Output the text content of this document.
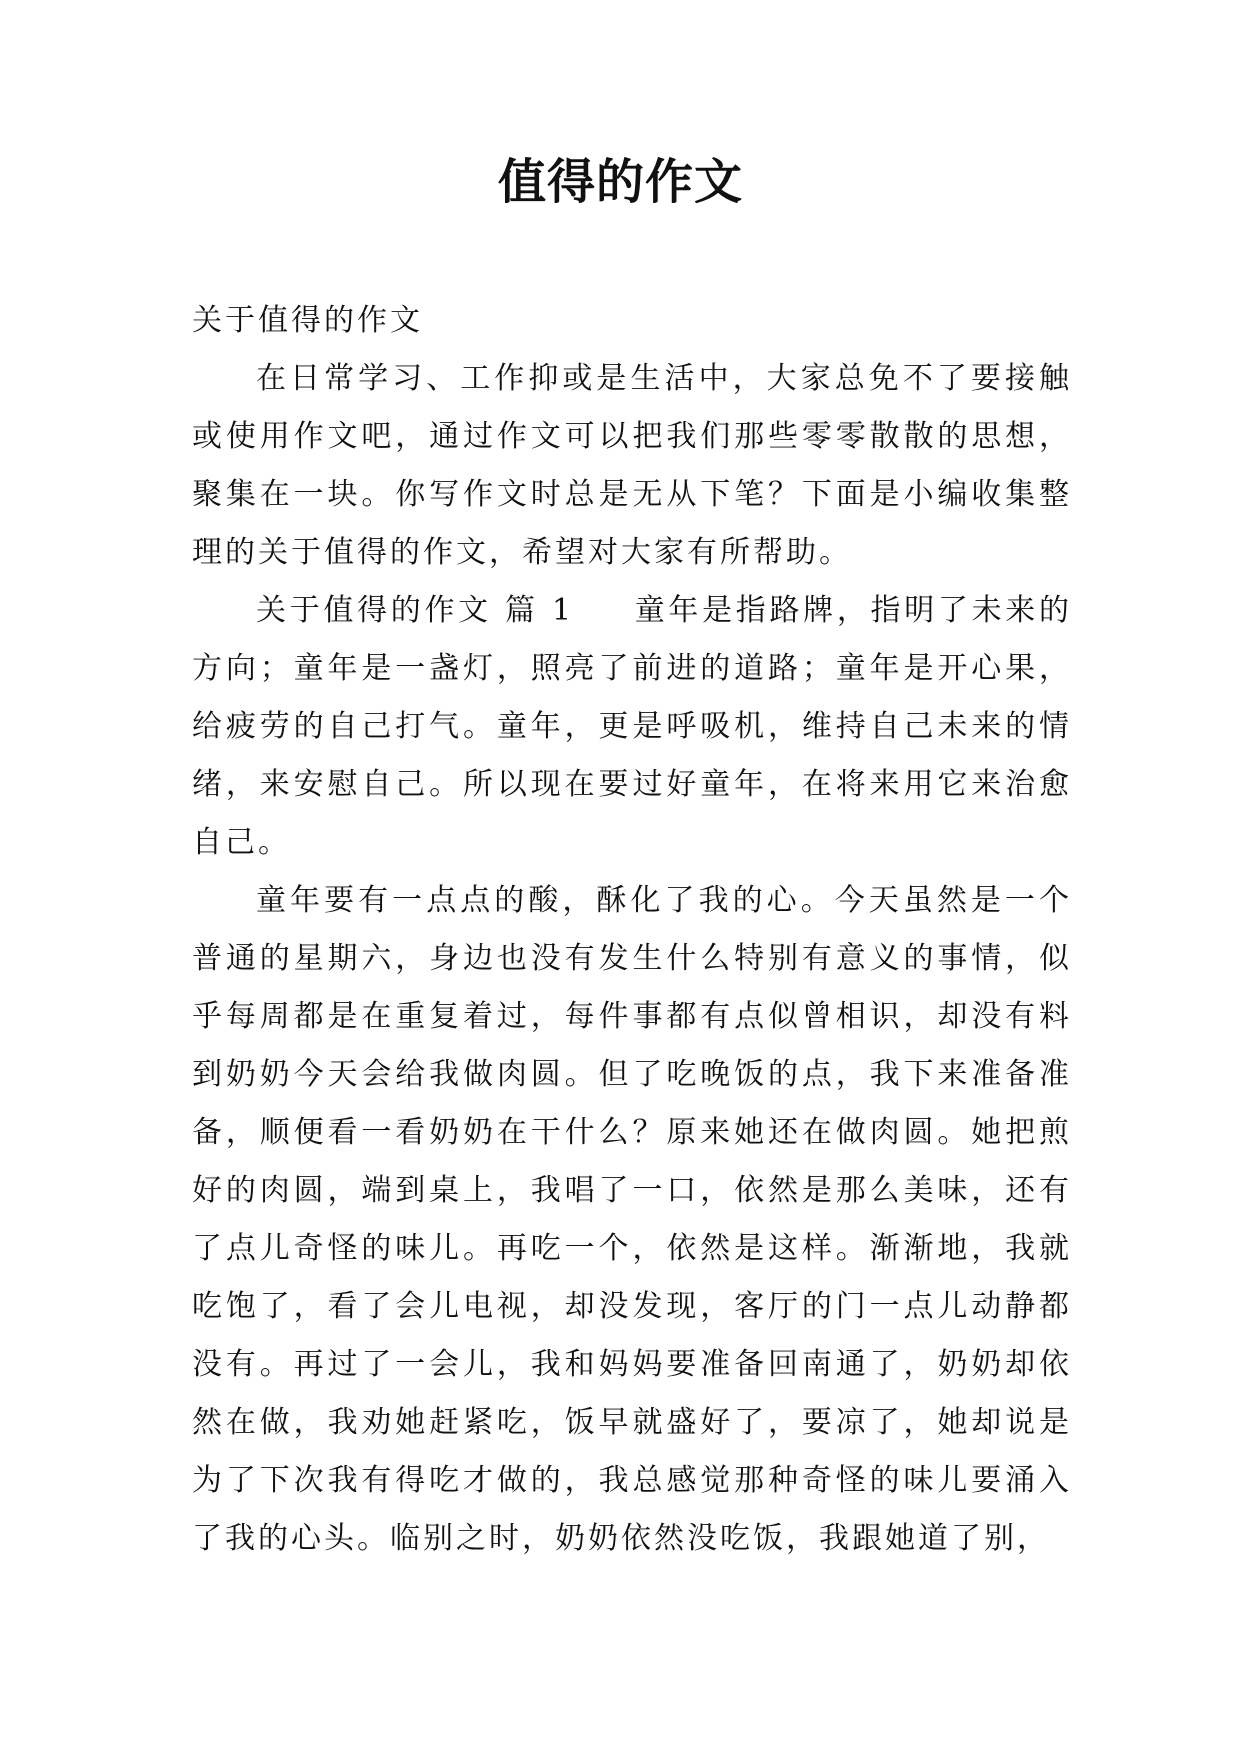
值得的作文

关于值得的作文

在日常学习、工作抑或是生活中，大家总免不了要接触或使用作文吧，通过作文可以把我们那些零零散散的思想，聚集在一块。你写作文时总是无从下笔？下面是小编收集整理的关于值得的作文，希望对大家有所帮助。

关于值得的作文 篇 1 童年是指路牌，指明了未来的方向；童年是一盏灯，照亮了前进的道路；童年是开心果，给疲劳的自己打气。童年，更是呼吸机，维持自己未来的情绪，来安慰自己。所以现在要过好童年，在将来用它来治愈自己。

童年要有一点点的酸，酥化了我的心。今天虽然是一个普通的星期六，身边也没有发生什么特别有意义的事情，似乎每周都是在重复着过，每件事都有点似曾相识，却没有料到奶奶今天会给我做肉圆。但了吃晚饭的点，我下来准备准备，顺便看一看奶奶在干什么？原来她还在做肉圆。她把煎好的肉圆，端到桌上，我唱了一口，依然是那么美味，还有了点儿奇怪的味儿。再吃一个，依然是这样。渐渐地，我就吃饱了，看了会儿电视，却没发现，客厅的门一点儿动静都没有。再过了一会儿，我和妈妈要准备回南通了，奶奶却依然在做，我劝她赶紧吃，饭早就盛好了，要凉了，她却说是为了下次我有得吃才做的，我总感觉那种奇怪的味儿要涌入了我的心头。临别之时，奶奶依然没吃饭，我跟她道了别，
